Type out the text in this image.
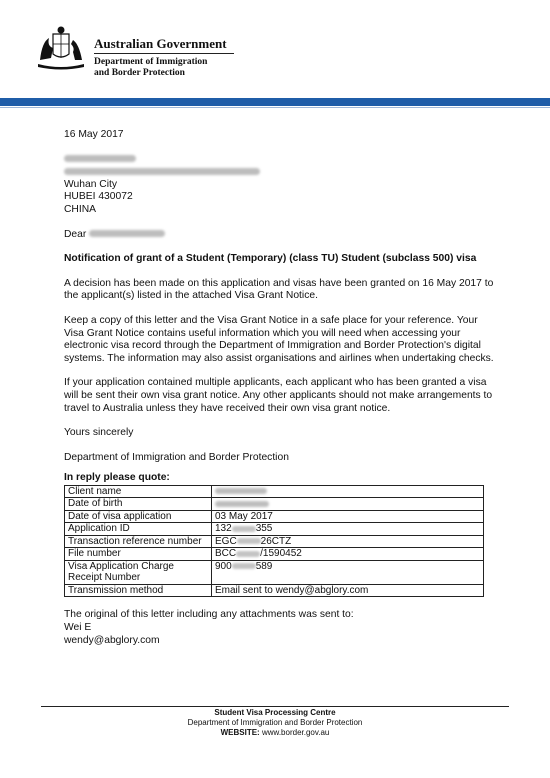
Australian Government
Department of Immigration
and Border Protection

16 May 2017

Wuhan City
HUBEI 430072
CHINA

Dear

Notification of grant of a Student (Temporary) (class TU) Student (subclass 500) visa

A decision has been made on this application and visas have been granted on 16 May 2017 to the applicant(s) listed in the attached Visa Grant Notice.

Keep a copy of this letter and the Visa Grant Notice in a safe place for your reference. Your Visa Grant Notice contains useful information which you will need when accessing your electronic visa record through the Department of Immigration and Border Protection's digital systems. The information may also assist organisations and airlines when undertaking checks.

If your application contained multiple applicants, each applicant who has been granted a visa will be sent their own visa grant notice. Any other applicants should not make arrangements to travel to Australia unless they have received their own visa grant notice.

Yours sincerely

Department of Immigration and Border Protection

In reply please quote:
Client name	
Date of birth	
Date of visa application	03 May 2017
Application ID	132 355
Transaction reference number	EGC 26CTZ
File number	BCC /1590452

Visa Application Charge
Receipt Number	900 589
Transmission method	Email sent to wendy@abglory.com
The original of this letter including any attachments was sent to:
Wei E
wendy@abglory.com
Student Visa Processing Centre
Department of Immigration and Border Protection
WEBSITE: www.border.gov.au
